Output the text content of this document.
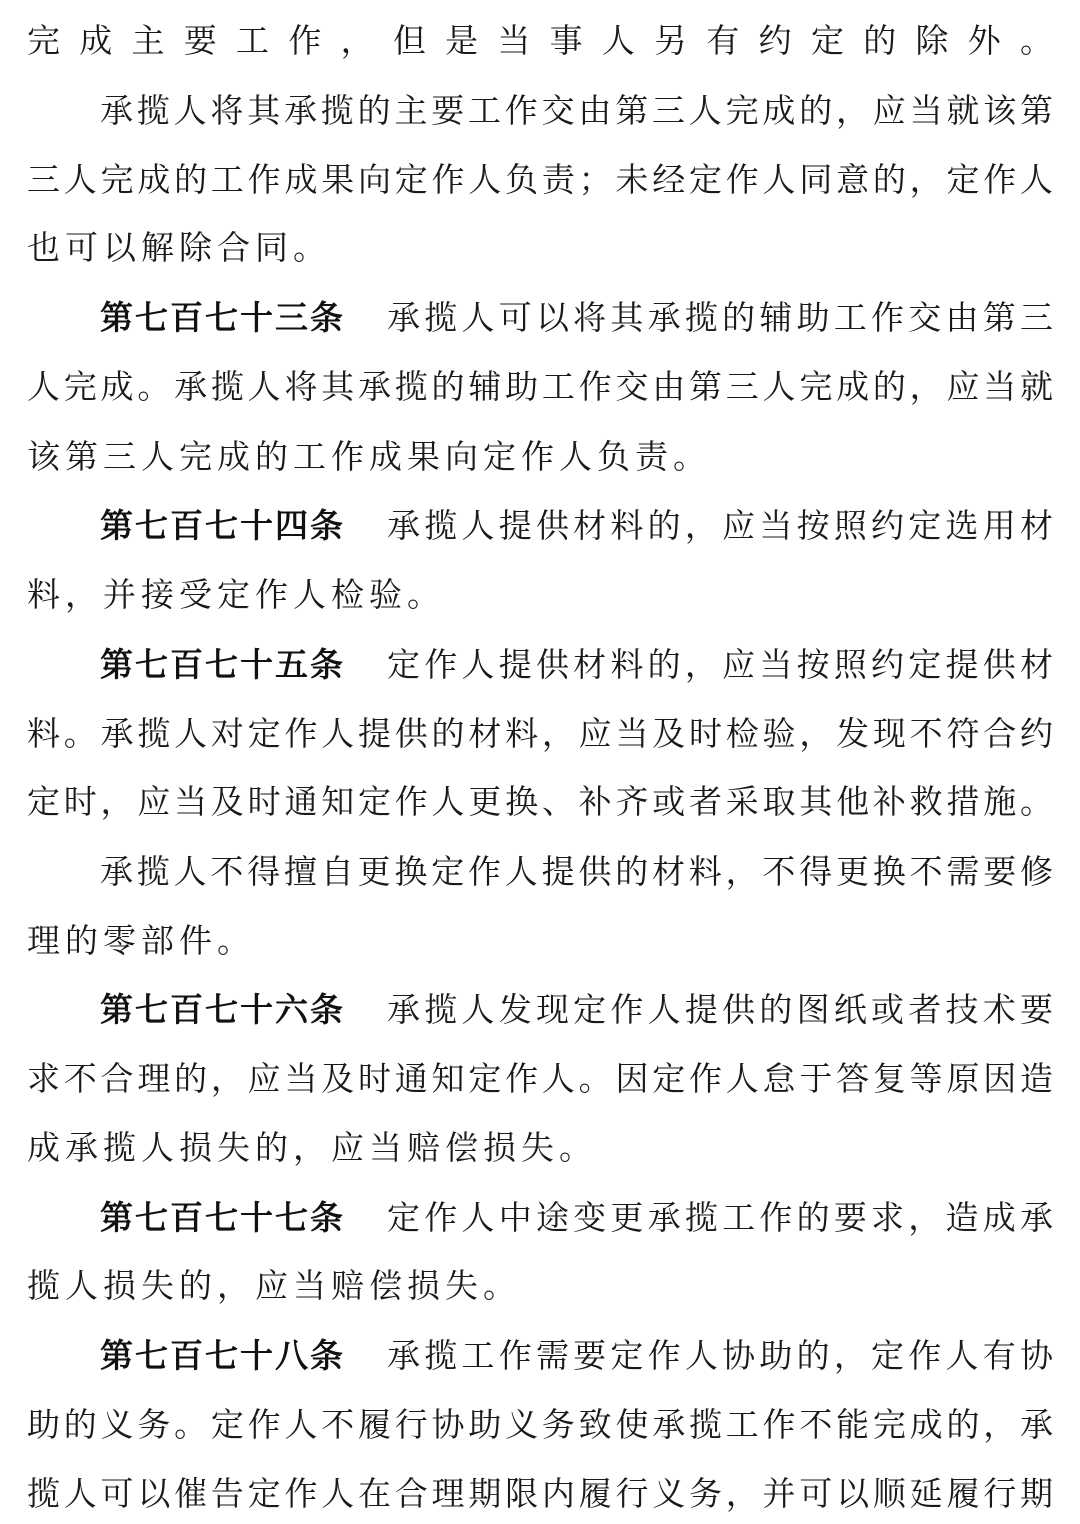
完成主要工作，但是当事人另有约定的除外。
承揽人将其承揽的主要工作交由第三人完成的，应当就该第
三人完成的工作成果向定作人负责；未经定作人同意的，定作人
也可以解除合同。
第七百七十三条 承揽人可以将其承揽的辅助工作交由第三
人完成。承揽人将其承揽的辅助工作交由第三人完成的，应当就
该第三人完成的工作成果向定作人负责。
第七百七十四条 承揽人提供材料的，应当按照约定选用材
料，并接受定作人检验。
第七百七十五条 定作人提供材料的，应当按照约定提供材
料。承揽人对定作人提供的材料，应当及时检验，发现不符合约
定时，应当及时通知定作人更换、补齐或者采取其他补救措施。
承揽人不得擅自更换定作人提供的材料，不得更换不需要修
理的零部件。
第七百七十六条 承揽人发现定作人提供的图纸或者技术要
求不合理的，应当及时通知定作人。因定作人怠于答复等原因造
成承揽人损失的，应当赔偿损失。
第七百七十七条 定作人中途变更承揽工作的要求，造成承
揽人损失的，应当赔偿损失。
第七百七十八条 承揽工作需要定作人协助的，定作人有协
助的义务。定作人不履行协助义务致使承揽工作不能完成的，承
揽人可以催告定作人在合理期限内履行义务，并可以顺延履行期
